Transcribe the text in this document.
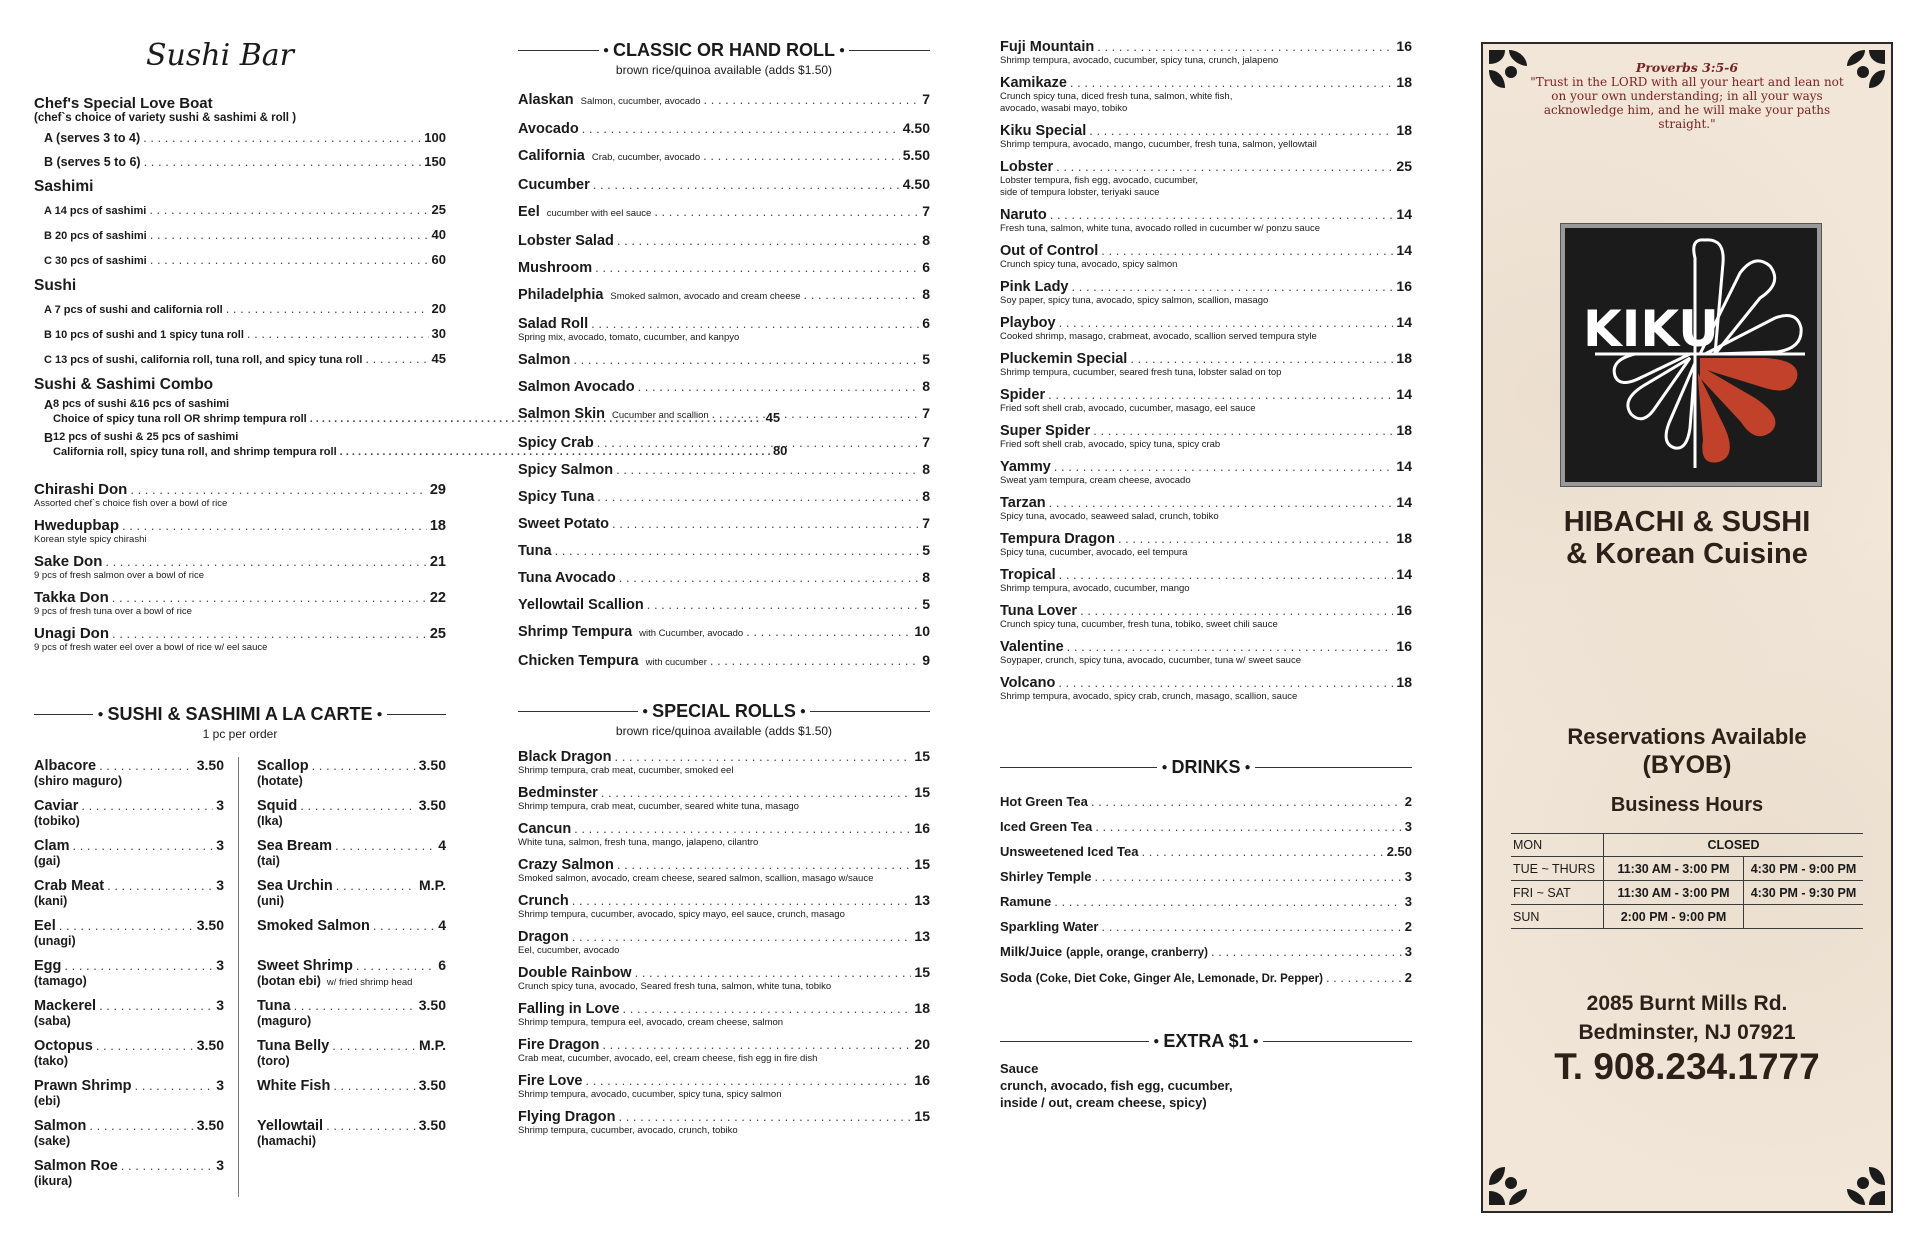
Sushi Bar
Chef's Special Love Boat
(chef`s choice of variety sushi & sashimi & roll )
A (serves 3 to 4) . . .	100
B (serves 5 to 6) . . .	150
Sashimi
A 14 pcs of sashimi . . .	25
B 20 pcs of sashimi . . .	40
C 30 pcs of sashimi . . .	60
Sushi
A 7 pcs of sushi and california roll . . .	20
B 10 pcs of sushi and 1 spicy tuna roll . . .	30
C 13 pcs of sushi, california roll, tuna roll, and spicy tuna roll . . .	45
Sushi & Sashimi Combo
A 8 pcs of sushi &16 pcs of sashimi
Choice of spicy tuna roll OR shrimp tempura roll . . .	45
B 12 pcs of sushi & 25 pcs of sashimi
California roll, spicy tuna roll, and shrimp tempura roll . . .	80
Chirashi Don . . .	29
Assorted chef`s choice fish over a bowl of rice
Hwedupbap . . .	18
Korean style spicy chirashi
Sake Don . . .	21
9 pcs of fresh salmon over a bowl of rice
Takka Don . . .	22
9 pcs of fresh tuna over a bowl of rice
Unagi Don . . .	25
9 pcs of fresh water eel over a bowl of rice w/ eel sauce
● SUSHI & SASHIMI A LA CARTE ●
1 pc per order
Albacore . . .	3.50
(shiro maguro)
Caviar . . .	3
(tobiko)
Clam . . .	3
(gai)
Crab Meat . . .	3
(kani)
Eel . . .	3.50
(unagi)
Egg . . .	3
(tamago)
Mackerel . . .	3
(saba)
Octopus . . .	3.50
(tako)
Prawn Shrimp . . .	3
(ebi)
Salmon . . .	3.50
(sake)
Salmon Roe . . .	3
(ikura)
Scallop . . .	3.50
(hotate)
Squid . . .	3.50
(Ika)
Sea Bream . . .	4
(tai)
Sea Urchin . . .	M.P.
(uni)
Smoked Salmon . . .	4
Sweet Shrimp . . .	6
(botan ebi) w/ fried shrimp head
Tuna . . .	3.50
(maguro)
Tuna Belly . . .	M.P.
(toro)
White Fish . . .	3.50
Yellowtail . . .	3.50
(hamachi)
● CLASSIC OR HAND ROLL ●
brown rice/quinoa available (adds $1.50)
Alaskan Salmon, cucumber, avocado . . .	7
Avocado . . .	4.50
California Crab, cucumber, avocado . . .	5.50
Cucumber . . .	4.50
Eel cucumber with eel sauce . . .	7
Lobster Salad . . .	8
Mushroom . . .	6
Philadelphia Smoked salmon, avocado and cream cheese . . .	8
Salad Roll . . .	6
Spring mix, avocado, tomato, cucumber, and kanpyo
Salmon . . .	5
Salmon Avocado . . .	8
Salmon Skin Cucumber and scallion . . .	7
Spicy Crab . . .	7
Spicy Salmon . . .	8
Spicy Tuna . . .	8
Sweet Potato . . .	7
Tuna . . .	5
Tuna Avocado . . .	8
Yellowtail Scallion . . .	5
Shrimp Tempura with Cucumber, avocado . . .	10
Chicken Tempura with cucumber . . .	9
● SPECIAL ROLLS ●
brown rice/quinoa available (adds $1.50)
Black Dragon . . .	15
Shrimp tempura, crab meat, cucumber, smoked eel
Bedminster . . .	15
Shrimp tempura, crab meat, cucumber, seared white tuna, masago
Cancun . . .	16
White tuna, salmon, fresh tuna, mango, jalapeno, cilantro
Crazy Salmon . . .	15
Smoked salmon, avocado, cream cheese, seared salmon, scallion, masago w/sauce
Crunch . . .	13
Shrimp tempura, cucumber, avocado, spicy mayo, eel sauce, crunch, masago
Dragon . . .	13
Eel, cucumber, avocado
Double Rainbow . . .	15
Crunch spicy tuna, avocado, Seared fresh tuna, salmon, white tuna, tobiko
Falling in Love . . .	18
Shrimp tempura, tempura eel, avocado, cream cheese, salmon
Fire Dragon . . .	20
Crab meat, cucumber, avocado, eel, cream cheese, fish egg in fire dish
Fire Love . . .	16
Shrimp tempura, avocado, cucumber, spicy tuna, spicy salmon
Flying Dragon . . .	15
Shrimp tempura, cucumber, avocado, crunch, tobiko
Fuji Mountain . . .	16
Shrimp tempura, avocado, cucumber, spicy tuna, crunch, jalapeno
Kamikaze . . .	18
Crunch spicy tuna, diced fresh tuna, salmon, white fish,
avocado, wasabi mayo, tobiko
Kiku Special . . .	18
Shrimp tempura, avocado, mango, cucumber, fresh tuna, salmon, yellowtail
Lobster . . .	25
Lobster tempura, fish egg, avocado, cucumber,
side of tempura lobster, teriyaki sauce
Naruto . . .	14
Fresh tuna, salmon, white tuna, avocado rolled in cucumber w/ ponzu sauce
Out of Control . . .	14
Crunch spicy tuna, avocado, spicy salmon
Pink Lady . . .	16
Soy paper, spicy tuna, avocado, spicy salmon, scallion, masago
Playboy . . .	14
Cooked shrimp, masago, crabmeat, avocado, scallion served tempura style
Pluckemin Special . . .	18
Shrimp tempura, cucumber, seared fresh tuna, lobster salad on top
Spider . . .	14
Fried soft shell crab, avocado, cucumber, masago, eel sauce
Super Spider . . .	18
Fried soft shell crab, avocado, spicy tuna, spicy crab
Yammy . . .	14
Sweat yam tempura, cream cheese, avocado
Tarzan . . .	14
Spicy tuna, avocado, seaweed salad, crunch, tobiko
Tempura Dragon . . .	18
Spicy tuna, cucumber, avocado, eel tempura
Tropical . . .	14
Shrimp tempura, avocado, cucumber, mango
Tuna Lover . . .	16
Crunch spicy tuna, cucumber, fresh tuna, tobiko, sweet chili sauce
Valentine . . .	16
Soypaper, crunch, spicy tuna, avocado, cucumber, tuna w/ sweet sauce
Volcano . . .	18
Shrimp tempura, avocado, spicy crab, crunch, masago, scallion, sauce
● DRINKS ●
Hot Green Tea . . .	2
Iced Green Tea . . .	3
Unsweetened Iced Tea . . .	2.50
Shirley Temple . . .	3
Ramune . . .	3
Sparkling Water . . .	2
Milk/Juice (apple, orange, cranberry) . . .	3
Soda (Coke, Diet Coke, Ginger Ale, Lemonade, Dr. Pepper) . . .	2
● EXTRA $1 ●
Sauce
crunch, avocado, fish egg, cucumber,
inside / out, cream cheese, spicy)
Proverbs 3:5-6
"Trust in the LORD with all your heart and lean not on your own understanding; in all your ways acknowledge him, and he will make your paths straight."
KIKU
HIBACHI & SUSHI
& Korean Cuisine
Reservations Available
(BYOB)
Business Hours
MON	CLOSED
TUE ~ THURS	11:30 AM - 3:00 PM	4:30 PM - 9:00 PM
FRI ~ SAT	11:30 AM - 3:00 PM	4:30 PM - 9:30 PM
SUN	2:00 PM - 9:00 PM
2085 Burnt Mills Rd.
Bedminster, NJ 07921
T. 908.234.1777
